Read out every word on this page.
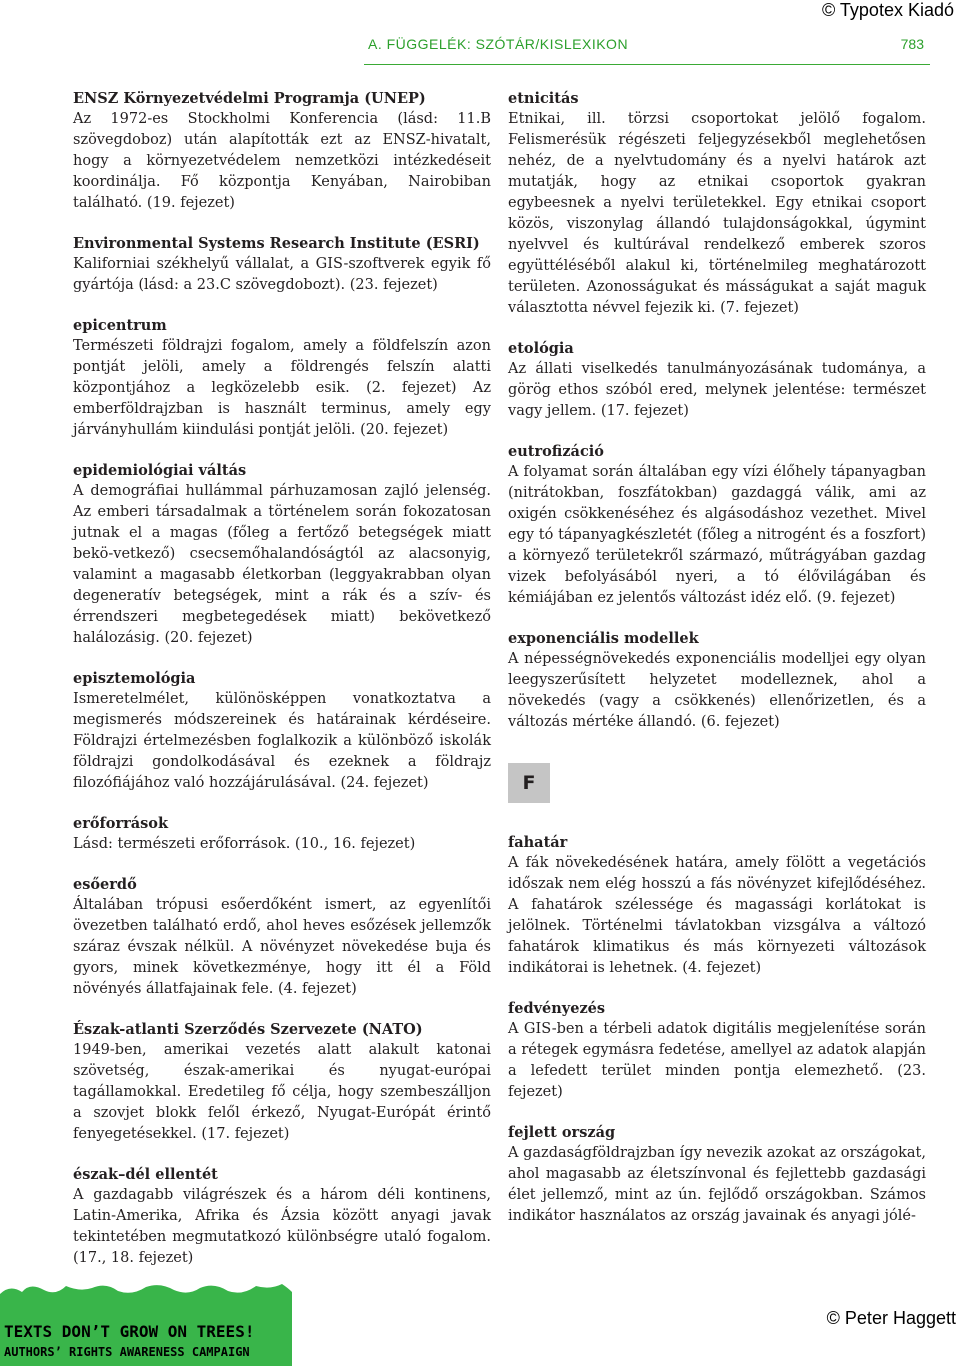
© Typotex Kiadó
A. FÜGGELÉK: SZÓTÁR/KISLEXIKON	783
ENSZ Környezetvédelmi Programja (UNEP)
Az 1972-es Stockholmi Konferencia (lásd: 11.B szövegdoboz) után alapították ezt az ENSZ-hivatalt, hogy a környezetvédelem nemzetközi intézkedéseit koordinálja. Fő központja Kenyában, Nairobiban található. (19. fejezet)
Environmental Systems Research Institute (ESRI)
Kaliforniai székhelyű vállalat, a GIS-szoftverek egyik fő gyártója (lásd: a 23.C szövegdobozt). (23. fejezet)
epicentrum
Természeti földrajzi fogalom, amely a földfelszín azon pontját jelöli, amely a földrengés felszín alatti központjához a legközelebb esik. (2. fejezet) Az emberföldrajzban is használt terminus, amely egy járványhullám kiindulási pontját jelöli. (20. fejezet)
epidemiológiai váltás
A demográfiai hullámmal párhuzamosan zajló jelenség. Az emberi társadalmak a történelem során fokozatosan jutnak el a magas (főleg a fertőző betegségek miatt bekö-vetkező) csecsemőhalandóságtól az alacsonyig, valamint a magasabb életkorban (leggyakrabban olyan degeneratív betegségek, mint a rák és a szív- és érrendszeri megbetegedések miatt) bekövetkező halálozásig. (20. fejezet)
episztemológia
Ismeretelmélet, különösképpen vonatkoztatva a megismerés módszereinek és határainak kérdéseire. Földrajzi értelmezésben foglalkozik a különböző iskolák földrajzi gondolkodásával és ezeknek a földrajz filozófiájához való hozzájárulásával. (24. fejezet)
erőforrások
Lásd: természeti erőforrások. (10., 16. fejezet)
esőerdő
Általában trópusi esőerdőként ismert, az egyenlítői övezetben található erdő, ahol heves esőzések jellemzők száraz évszak nélkül. A növényzet növekedése buja és gyors, minek következménye, hogy itt él a Föld növényés állatfajainak fele. (4. fejezet)
Észak-atlanti Szerződés Szervezete (NATO)
1949-ben, amerikai vezetés alatt alakult katonai szövetség, észak-amerikai és nyugat-európai tagállamokkal. Eredetileg fő célja, hogy szembeszálljon a szovjet blokk felől érkező, Nyugat-Európát érintő fenyegetésekkel. (17. fejezet)
észak–dél ellentét
A gazdagabb világrészek és a három déli kontinens, Latin-Amerika, Afrika és Ázsia között anyagi javak tekintetében megmutatkozó különbségre utaló fogalom. (17., 18. fejezet)
etnicitás
Etnikai, ill. törzsi csoportokat jelölő fogalom. Felismerésük régészeti feljegyzésekből meglehetősen nehéz, de a nyelvtudomány és a nyelvi határok azt mutatják, hogy az etnikai csoportok gyakran egybeesnek a nyelvi területekkel. Egy etnikai csoport közös, viszonylag állandó tulajdonságokkal, úgymint nyelvvel és kultúrával rendelkező emberek szoros együttéléséből alakul ki, történelmileg meghatározott területen. Azonosságukat és másságukat a saját maguk választotta névvel fejezik ki. (7. fejezet)
etológia
Az állati viselkedés tanulmányozásának tudománya, a görög ethos szóból ered, melynek jelentése: természet vagy jellem. (17. fejezet)
eutrofizáció
A folyamat során általában egy vízi élőhely tápanyagban (nitrátokban, foszfátokban) gazdaggá válik, ami az oxigén csökkenéséhez és algásodáshoz vezethet. Mivel egy tó tápanyagkészletét (főleg a nitrogént és a foszfort) a környező területekről származó, műtrágyában gazdag vizek befolyásából nyeri, a tó élővilágában és kémiájában ez jelentős változást idéz elő. (9. fejezet)
exponenciális modellek
A népességnövekedés exponenciális modelljei egy olyan leegyszerűsített helyzetet modelleznek, ahol a növekedés (vagy a csökkenés) ellenőrizetlen, és a változás mértéke állandó. (6. fejezet)
F
fahatár
A fák növekedésének határa, amely fölött a vegetációs időszak nem elég hosszú a fás növényzet kifejlődéséhez. A fahatárok szélessége és magassági korlátokat is jelölnek. Történelmi távlatokban vizsgálva a változó fahatárok klimatikus és más környezeti változások indikátorai is lehetnek. (4. fejezet)
fedvényezés
A GIS-ben a térbeli adatok digitális megjelenítése során a rétegek egymásra fedetése, amellyel az adatok alapján a lefedett terület minden pontja elemezhető. (23. fejezet)
fejlett ország
A gazdaságföldrajzban így nevezik azokat az országokat, ahol magasabb az életszínvonal és fejlettebb gazdasági élet jellemző, mint az ún. fejlődő országokban. Számos indikátor használatos az ország javainak és anyagi jólé-
TEXTS DON’T GROW ON TREES!
AUTHORS’ RIGHTS AWARENESS CAMPAIGN
© Peter Haggett
